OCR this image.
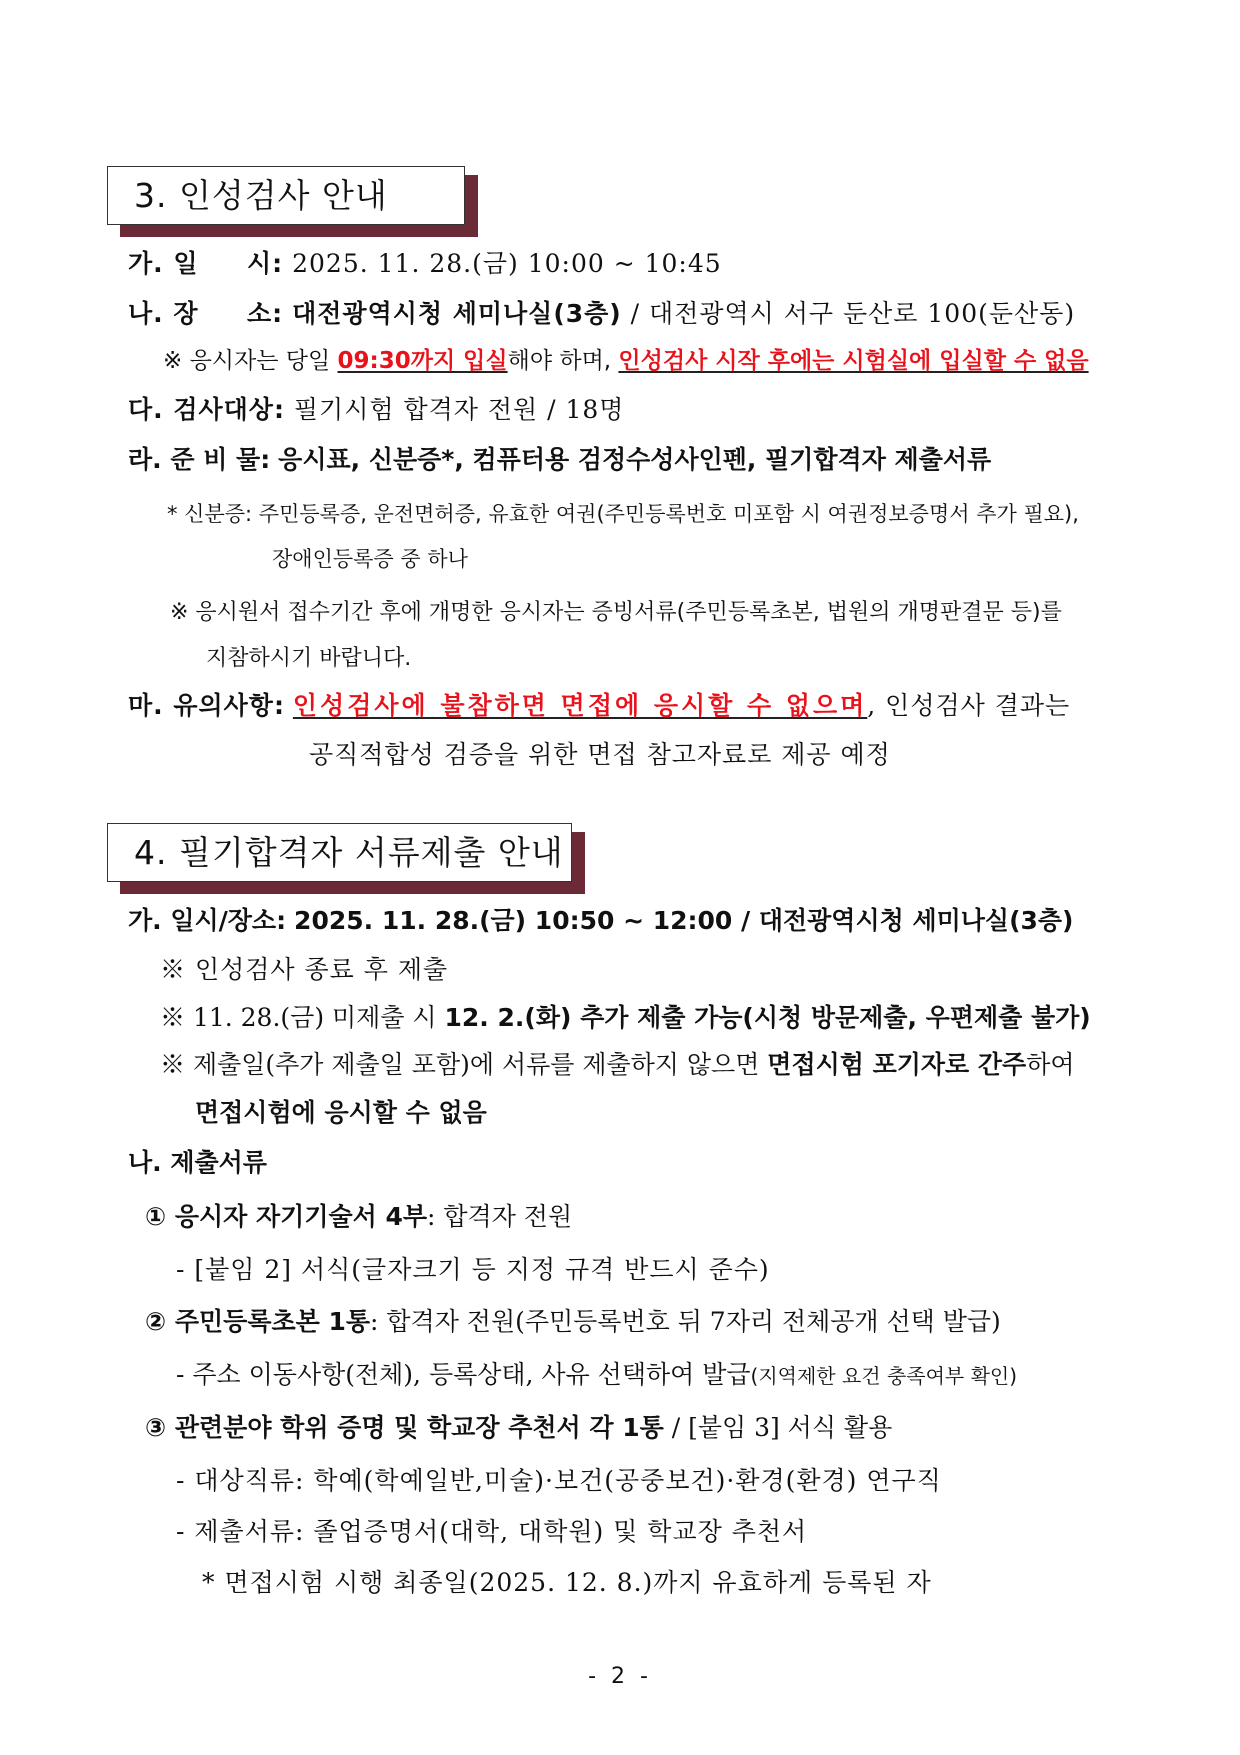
3. 인성검사 안내
가. 일     시: 2025. 11. 28.(금) 10:00 ~ 10:45
나. 장     소: 대전광역시청 세미나실(3층) / 대전광역시 서구 둔산로 100(둔산동)
※ 응시자는 당일 09:30까지 입실해야 하며, 인성검사 시작 후에는 시험실에 입실할 수 없음
다. 검사대상: 필기시험 합격자 전원 / 18명
라. 준 비 물: 응시표, 신분증*, 컴퓨터용 검정수성사인펜, 필기합격자 제출서류
* 신분증: 주민등록증, 운전면허증, 유효한 여권(주민등록번호 미포함 시 여권정보증명서 추가 필요),
장애인등록증 중 하나
※ 응시원서 접수기간 후에 개명한 응시자는 증빙서류(주민등록초본, 법원의 개명판결문 등)를
지참하시기 바랍니다.
마. 유의사항: 인성검사에 불참하면 면접에 응시할 수 없으며, 인성검사 결과는
공직적합성 검증을 위한 면접 참고자료로 제공 예정
4. 필기합격자 서류제출 안내
가. 일시/장소: 2025. 11. 28.(금) 10:50 ~ 12:00 / 대전광역시청 세미나실(3층)
※ 인성검사 종료 후 제출
※ 11. 28.(금) 미제출 시 12. 2.(화) 추가 제출 가능(시청 방문제출, 우편제출 불가)
※ 제출일(추가 제출일 포함)에 서류를 제출하지 않으면 면접시험 포기자로 간주하여
면접시험에 응시할 수 없음
나. 제출서류
① 응시자 자기기술서 4부: 합격자 전원
- [붙임 2] 서식(글자크기 등 지정 규격 반드시 준수)
② 주민등록초본 1통: 합격자 전원(주민등록번호 뒤 7자리 전체공개 선택 발급)
- 주소 이동사항(전체), 등록상태, 사유 선택하여 발급(지역제한 요건 충족여부 확인)
③ 관련분야 학위 증명 및 학교장 추천서 각 1통 / [붙임 3] 서식 활용
- 대상직류: 학예(학예일반,미술)·보건(공중보건)·환경(환경) 연구직
- 제출서류: 졸업증명서(대학, 대학원) 및 학교장 추천서
* 면접시험 시행 최종일(2025. 12. 8.)까지 유효하게 등록된 자
- 2 -
